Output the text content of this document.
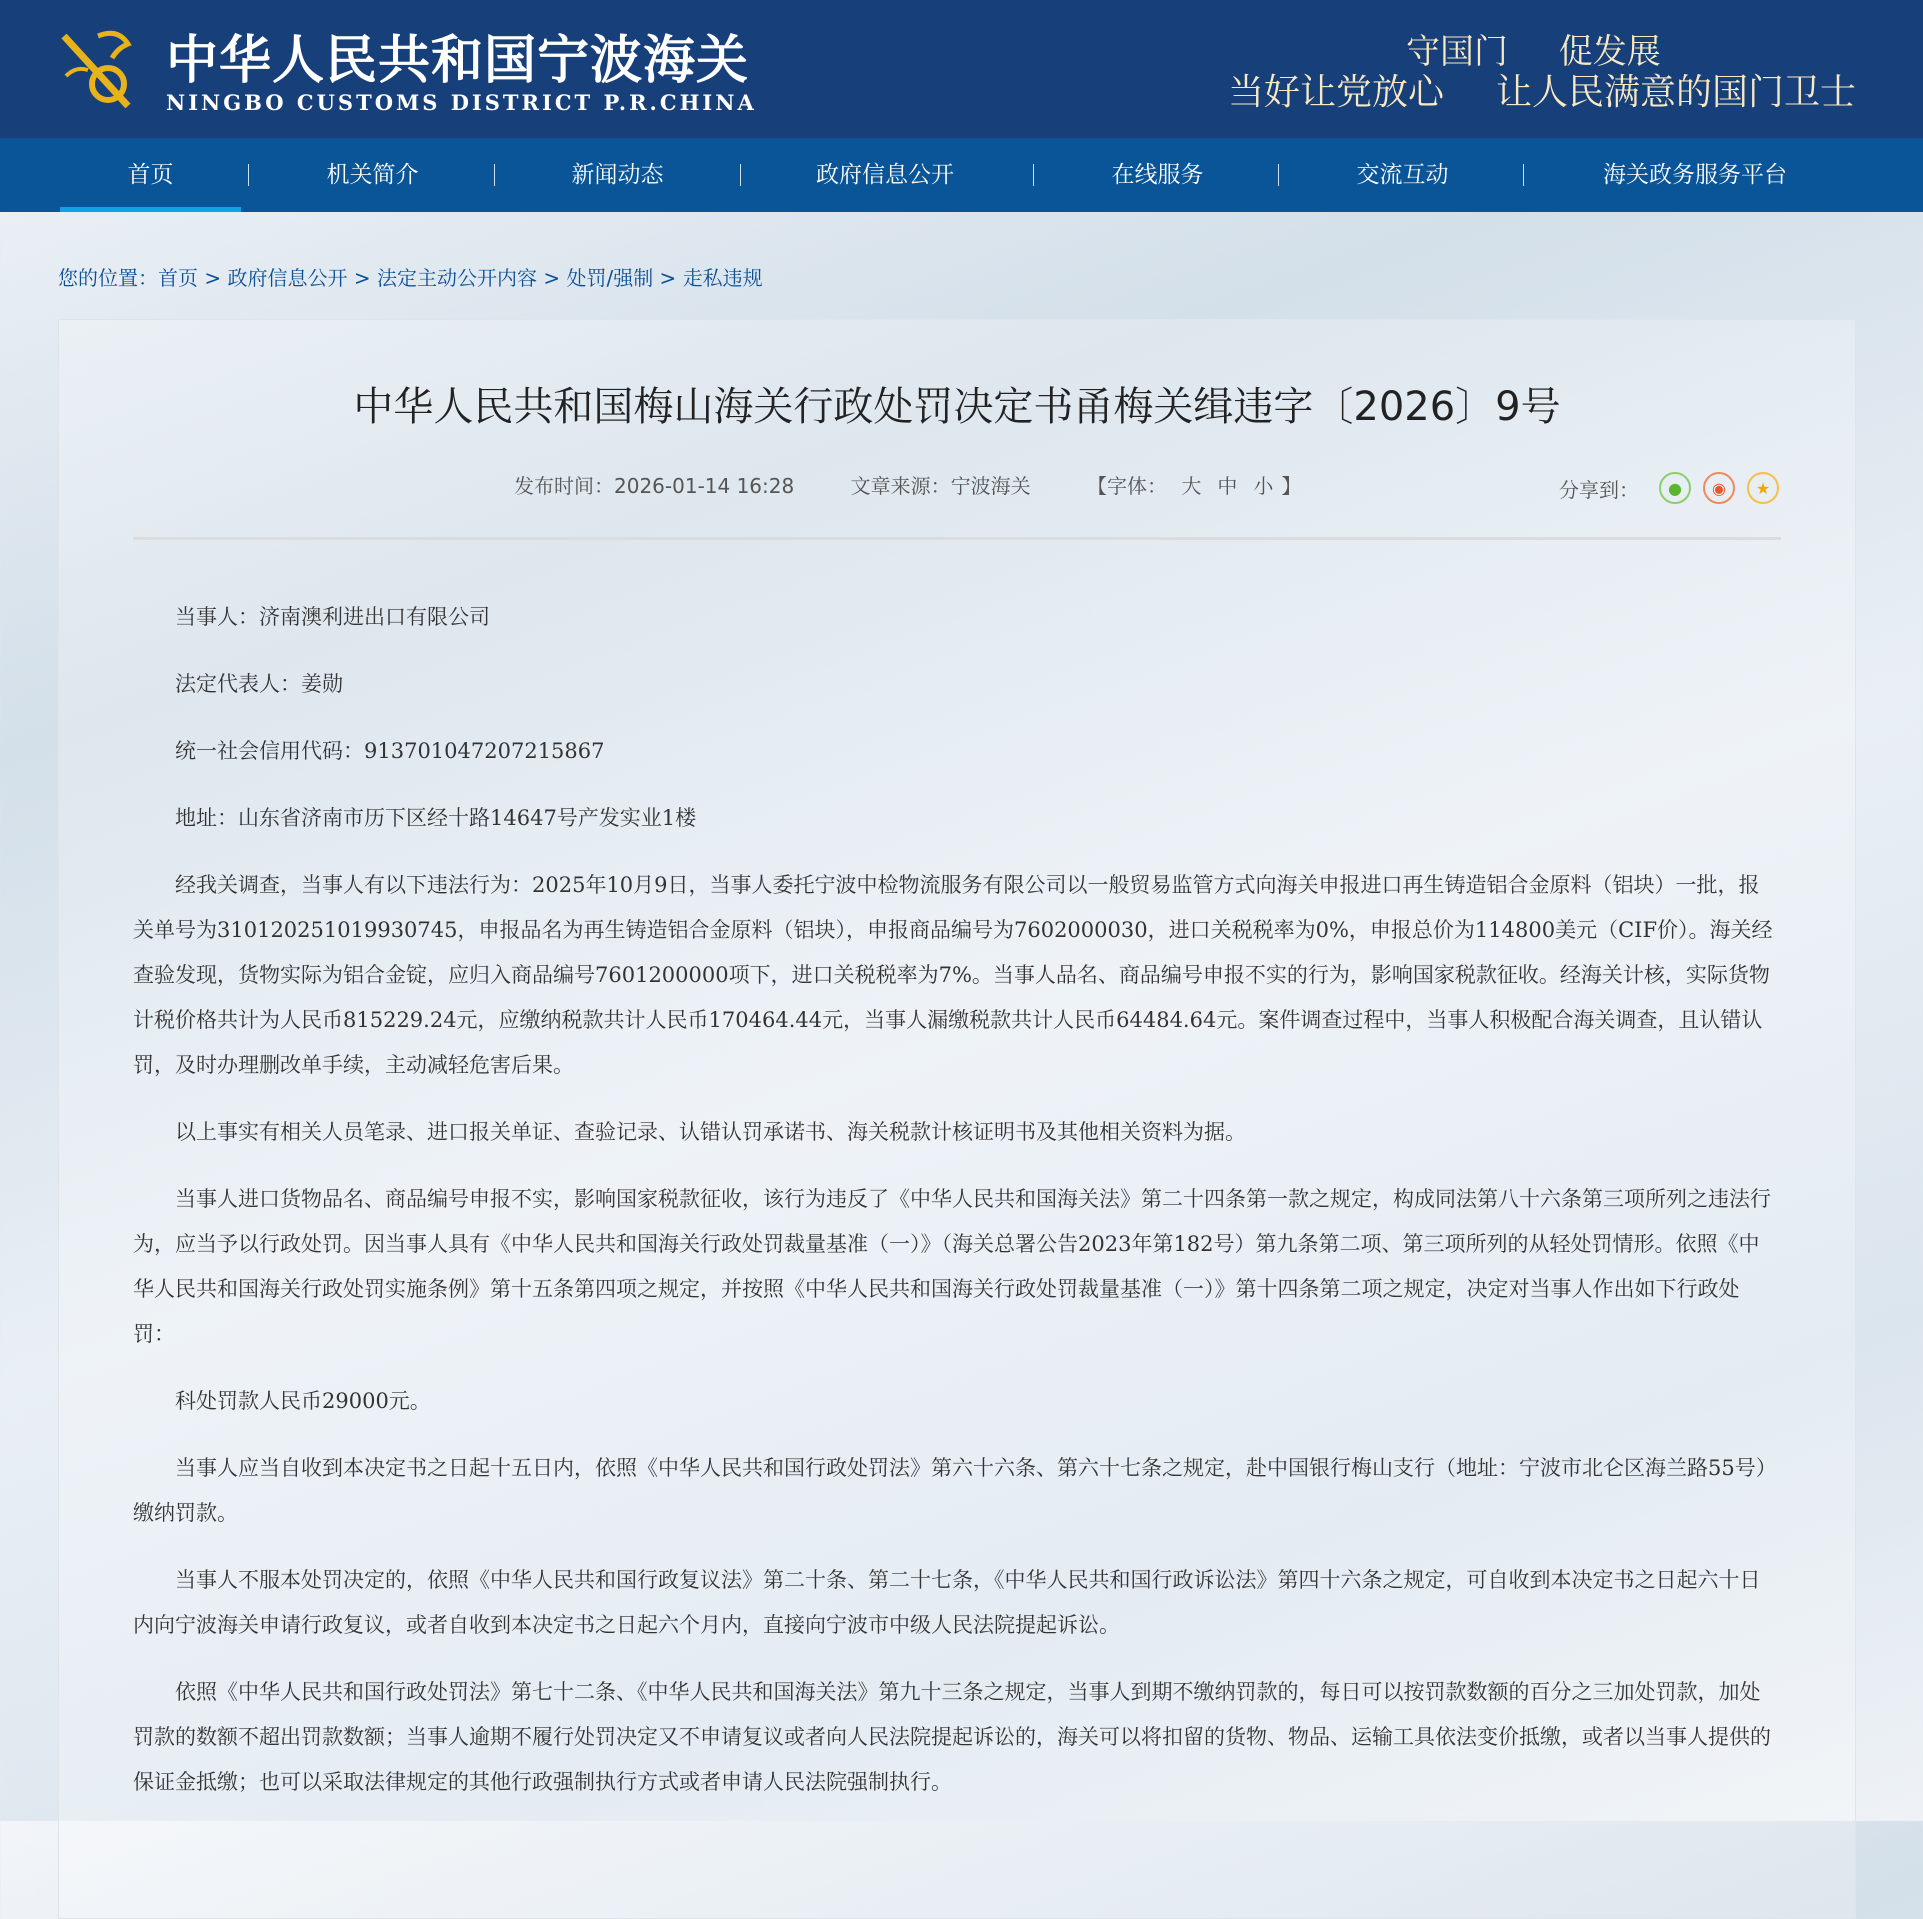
中华人民共和国宁波海关
NINGBO CUSTOMS DISTRICT P.R.CHINA
守国门 促发展
当好让党放心 让人民满意的国门卫士
首页	机关简介	新闻动态	政府信息公开	在线服务	交流互动	海关政务服务平台
您的位置：首页 > 政府信息公开 > 法定主动公开内容 > 处罚/强制 > 走私违规
中华人民共和国梅山海关行政处罚决定书甬梅关缉违字〔2026〕9号
发布时间：2026-01-14 16:28	文章来源：宁波海关	【字体： 大 中 小 】	分享到：	●	◉	★

当事人：济南澳利进出口有限公司

法定代表人：姜勋

统一社会信用代码：913701047207215867

地址：山东省济南市历下区经十路14647号产发实业1楼

经我关调查，当事人有以下违法行为：2025年10月9日，当事人委托宁波中检物流服务有限公司以一般贸易监管方式向海关申报进口再生铸造铝合金原料（铝块）一批，报关单号为310120251019930745，申报品名为再生铸造铝合金原料（铝块），申报商品编号为7602000030，进口关税税率为0%，申报总价为114800美元（CIF价）。海关经查验发现，货物实际为铝合金锭，应归入商品编号7601200000项下，进口关税税率为7%。当事人品名、商品编号申报不实的行为，影响国家税款征收。经海关计核，实际货物计税价格共计为人民币815229.24元，应缴纳税款共计人民币170464.44元，当事人漏缴税款共计人民币64484.64元。案件调查过程中，当事人积极配合海关调查，且认错认罚，及时办理删改单手续，主动减轻危害后果。

以上事实有相关人员笔录、进口报关单证、查验记录、认错认罚承诺书、海关税款计核证明书及其他相关资料为据。

当事人进口货物品名、商品编号申报不实，影响国家税款征收，该行为违反了《中华人民共和国海关法》第二十四条第一款之规定，构成同法第八十六条第三项所列之违法行为，应当予以行政处罚。因当事人具有《中华人民共和国海关行政处罚裁量基准（一）》（海关总署公告2023年第182号）第九条第二项、第三项所列的从轻处罚情形。依照《中华人民共和国海关行政处罚实施条例》第十五条第四项之规定，并按照《中华人民共和国海关行政处罚裁量基准（一）》第十四条第二项之规定，决定对当事人作出如下行政处罚：

科处罚款人民币29000元。

当事人应当自收到本决定书之日起十五日内，依照《中华人民共和国行政处罚法》第六十六条、第六十七条之规定，赴中国银行梅山支行（地址：宁波市北仑区海兰路55号）缴纳罚款。

当事人不服本处罚决定的，依照《中华人民共和国行政复议法》第二十条、第二十七条，《中华人民共和国行政诉讼法》第四十六条之规定，可自收到本决定书之日起六十日内向宁波海关申请行政复议，或者自收到本决定书之日起六个月内，直接向宁波市中级人民法院提起诉讼。

依照《中华人民共和国行政处罚法》第七十二条、《中华人民共和国海关法》第九十三条之规定，当事人到期不缴纳罚款的，每日可以按罚款数额的百分之三加处罚款，加处罚款的数额不超出罚款数额；当事人逾期不履行处罚决定又不申请复议或者向人民法院提起诉讼的，海关可以将扣留的货物、物品、运输工具依法变价抵缴，或者以当事人提供的保证金抵缴；也可以采取法律规定的其他行政强制执行方式或者申请人民法院强制执行。
